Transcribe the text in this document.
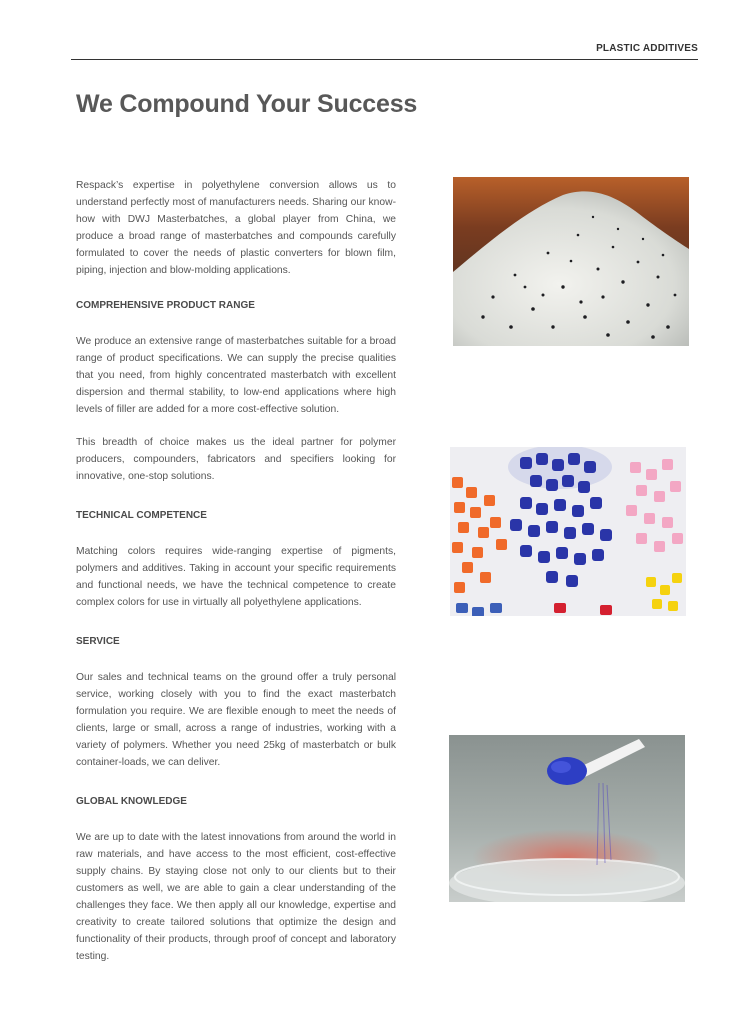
PLASTIC ADDITIVES
We Compound Your Success

Respack’s expertise in polyethylene conversion allows us to understand perfectly most of manufacturers needs. Sharing our know-how with DWJ Masterbatches, a global player from China, we produce a broad range of masterbatches and compounds carefully formulated to cover the needs of plastic converters for blown film, piping, injection and blow-molding applications.

COMPREHENSIVE PRODUCT RANGE

We produce an extensive range of masterbatches suitable for a broad range of product specifications. We can supply the precise qualities that you need, from highly concentrated masterbatch with excellent dispersion and thermal stability, to low-end applications where high levels of filler are added for a more cost-effective solution.

This breadth of choice makes us the ideal partner for polymer producers, compounders, fabricators and specifiers looking for innovative, one-stop solutions.

TECHNICAL COMPETENCE

Matching colors requires wide-ranging expertise of pigments, polymers and additives. Taking in account your specific requirements and functional needs, we have the technical competence to create complex colors for use in virtually all polyethylene applications.

SERVICE

Our sales and technical teams on the ground offer a truly personal service, working closely with you to find the exact masterbatch formulation you require. We are flexible enough to meet the needs of clients, large or small, across a range of industries, working with a variety of polymers. Whether you need 25kg of masterbatch or bulk container-loads, we can deliver.

GLOBAL KNOWLEDGE

We are up to date with the latest innovations from around the world in raw materials, and have access to the most efficient, cost-effective supply chains. By staying close not only to our clients but to their customers as well, we are able to gain a clear understanding of the challenges they face. We then apply all our knowledge, expertise and creativity to create tailored solutions that optimize the design and functionality of their products, through proof of concept and laboratory testing.
